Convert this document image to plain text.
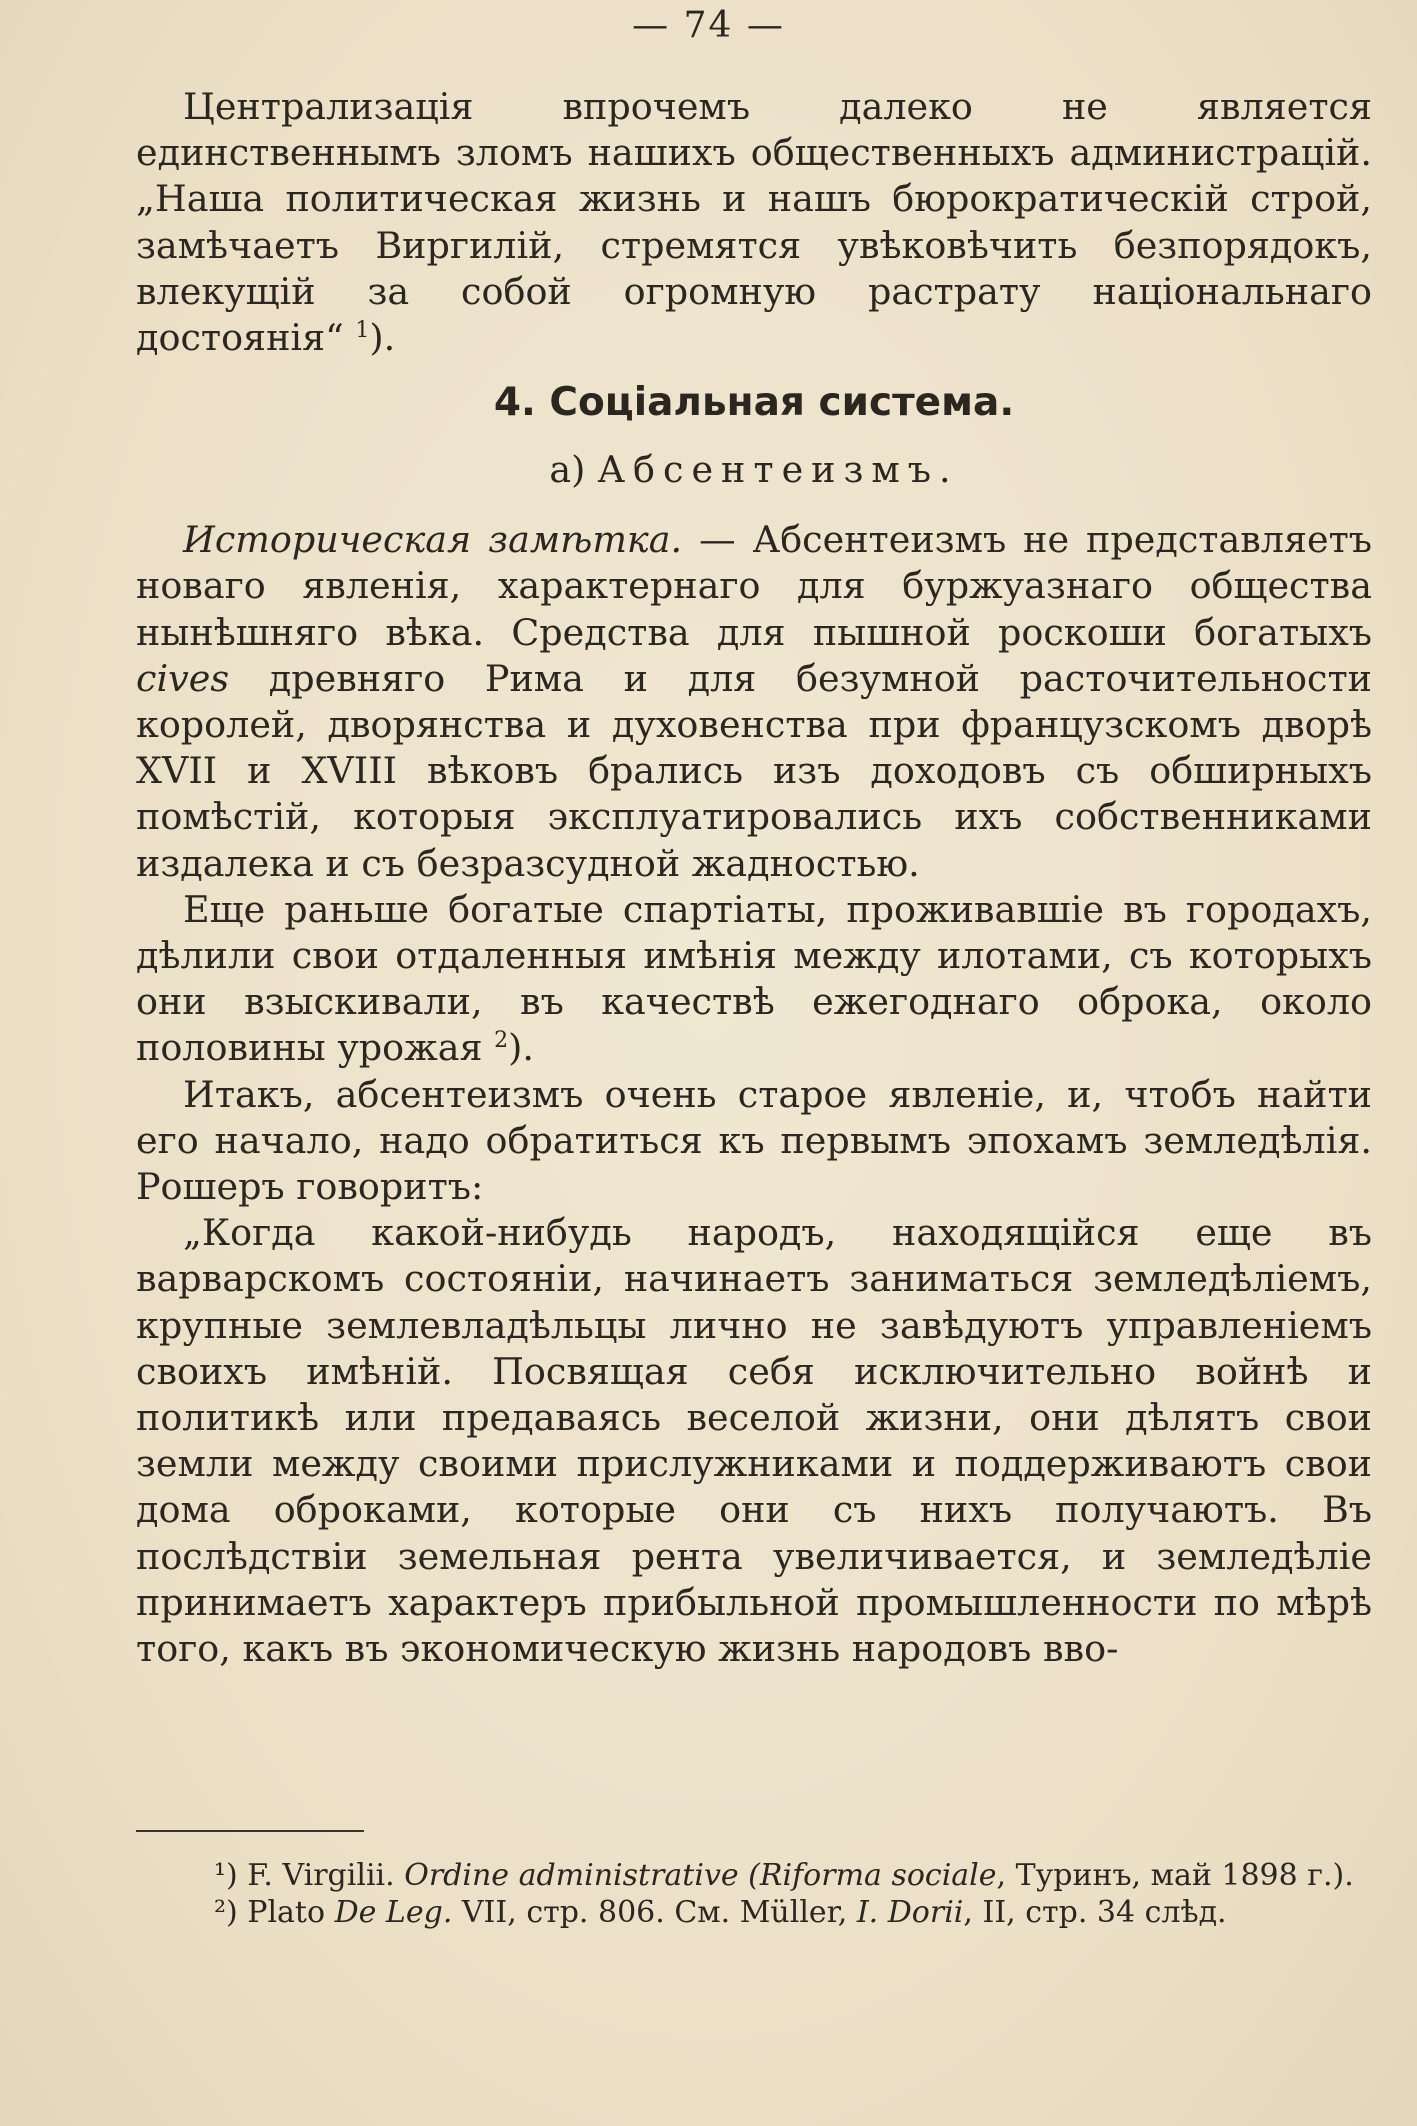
— 74 —

Централизація впрочемъ далеко не является единственнымъ зломъ нашихъ общественныхъ администрацій. „Наша политическая жизнь и нашъ бюрократическій строй, замѣчаетъ Виргилій, стремятся увѣковѣчить безпорядокъ, влекущій за собой огромную растрату національнаго достоянія“ $^1$).

4. Соціальная система.
а) Абсентеизмъ.

Историческая замѣтка. — Абсентеизмъ не представляетъ новаго явленія, характернаго для буржуазнаго общества нынѣшняго вѣка. Средства для пышной роскоши богатыхъ cives древняго Рима и для безумной расточительности королей, дворянства и духовенства при французскомъ дворѣ XVII и XVIII вѣковъ брались изъ доходовъ съ обширныхъ помѣстій, которыя эксплуатировались ихъ собственниками издалека и съ безразсудной жадностью.

Еще раньше богатые спартіаты, проживавшіе въ городахъ, дѣлили свои отдаленныя имѣнія между илотами, съ которыхъ они взыскивали, въ качествѣ ежегоднаго оброка, около половины урожая $^2$).

Итакъ, абсентеизмъ очень старое явленіе, и, чтобъ найти его начало, надо обратиться къ первымъ эпохамъ земледѣлія. Рошеръ говоритъ:

„Когда какой-нибудь народъ, находящійся еще въ варварскомъ состояніи, начинаетъ заниматься земледѣліемъ, крупные землевладѣльцы лично не завѣдуютъ управленіемъ своихъ имѣній. Посвящая себя исключительно войнѣ и политикѣ или предаваясь веселой жизни, они дѣлятъ свои земли между своими прислужниками и поддерживаютъ свои дома оброками, которые они съ нихъ получаютъ. Въ послѣдствіи земельная рента увеличивается, и земледѣліе принимаетъ характеръ прибыльной промышленности по мѣрѣ того, какъ въ экономическую жизнь народовъ вво-

¹) F. Virgilii. Ordine administrative (Riforma sociale, Туринъ, май 1898 г.).

²) Plato De Leg. VII, стр. 806. См. Müller, I. Dorii, II, стр. 34 слѣд.
